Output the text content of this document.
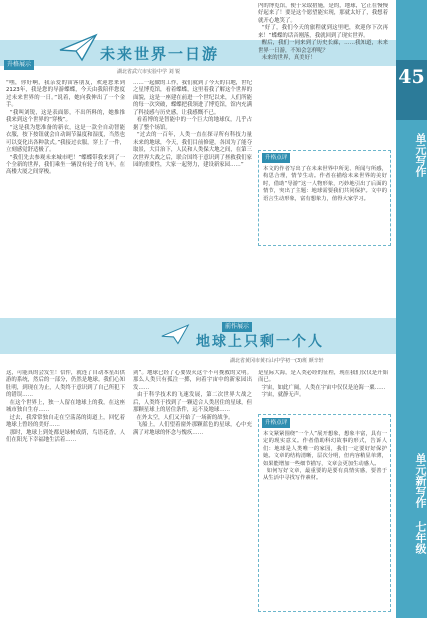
45
单元写作
单元新写作 七年级
升格展示
未来世界一日游
湖北省武穴市实验中学 刘 锐
“嘿，你好啊，我亲爱的宙客朋友，欢迎您来到2123年，我是您的导游蝶蝶，今天由我陪伴您度过未来世界的一日。”说着，她向我伸出了一个金手。
“我叫刘锐，这是表面影，不出所料的，她推推我来到这个世界的“穿梭”。
“这是我为您准备的新衣，这是一款全自动智能衣服，按下按钮就会自动调节温度和湿度，当然也可以变化出各种款式。”我接过衣服，穿上了一件，立刻感觉舒适极了。
“我们先去参观未来城市吧！”蝶蝶带我来到了一个全新的世界，我们乘坐一辆没有轮子的飞车，在高楼大厦之间穿梭。
……一起做的工作，我们就到了今天的目地，世纪之星博览馆，看着蝶蝶，这里着我了解这个世界的面貌，这是一座建在前进一个世纪以来，人们所能的每一次突破，蝶蝶把我领进了博览馆，馆内充满了科技感与历史感，让我感慨不已。
看着博的是智能中的一个巨大的地球仪，几乎占据了整个场馆。
“过去的一百年，人类一直在探寻所有科技力量未来的地球，今天，我们目前修建，各国为了能夺取景，大目治下，人民和人类保大地之间，在第三次世界大战之后，联合国终于意识到了拯救我们家园的重要性，大家一起努力，建设新家园……”
内的博览馆，便于采取措施，是的，地球，它正在慢慢好起来了！要是这个愿望能实现，那就太好了，我想着就开心地笑了。
“好了，我们今天的旅程就到这里吧，欢迎你下次再来！”蝶蝶的话音刚落，我就回到了现实世界。
醒后，我们一同来到了历史长廊，……我知道，未来世界一日游，不知会怎样呢？
未来的世界，真美好！
升格点评
本文的作者写出了在未来世界中所见、所闻与所感，构思合理，情节生动。作者在描绘未来世界的美好时，借助“导游”这一人物形象，巧妙地引出了后面的情节，突出了主题：地球需要我们共同保护。文中的语言生动形象，富有想象力，值得大家学习。
前作展示
地球上只剩一个人
湖北省黄冈市黄石山中学初一(3)班 颜辛轩
这，可能真的会发生！信件，就连了自动本星出供游的系统，然后的一部分，仍然是地球。我们心知肚明，到现在为止，人类终于意识到了自己所犯下的错误……
在这个世界上，独一人留在地球上的我，在这座城市独自生存……
过去，我常常独自走在空荡荡的街道上，回忆着地球上曾经的美好……
那时，地球上到处都是绿树成荫，鸟语花香，人们在阳光下幸福地生活着……
剑”。地球已经了心要毁灭这个不可挽救的文明。那么人类只有孤注一掷，向着宇宙中的新家园出发……
由于科学技术的飞速发展，第二次世界大战之后，人类终于找到了一颗适合人类居住的星球，但那颗星球上的居住条件，远不及地球……
在外太空，人们又开始了一场新的战争。
飞船上，人们望着窗外那颗蓝色的星球，心中充满了对地球的怀念与愧疚……
是星际大海，是人类必经的征程，现在我们仅仅是开始而已。
宇宙，如此广阔，人类在宇宙中仅仅是沧海一粟……
宇宙，就静无声。
升格点评
本文紧紧围绕“一个人”展开想象，想象丰富，具有一定的现实意义。作者借助科幻故事的形式，告诉人们：地球是人类唯一的家园，我们一定要好好保护她。文章的结构清晰，层次分明，但内容稍显单薄，如果能增加一些细节描写，文章会更加生动感人。
如何写好文章，最重要的是要有真情实感，要善于从生活中寻找写作素材。
